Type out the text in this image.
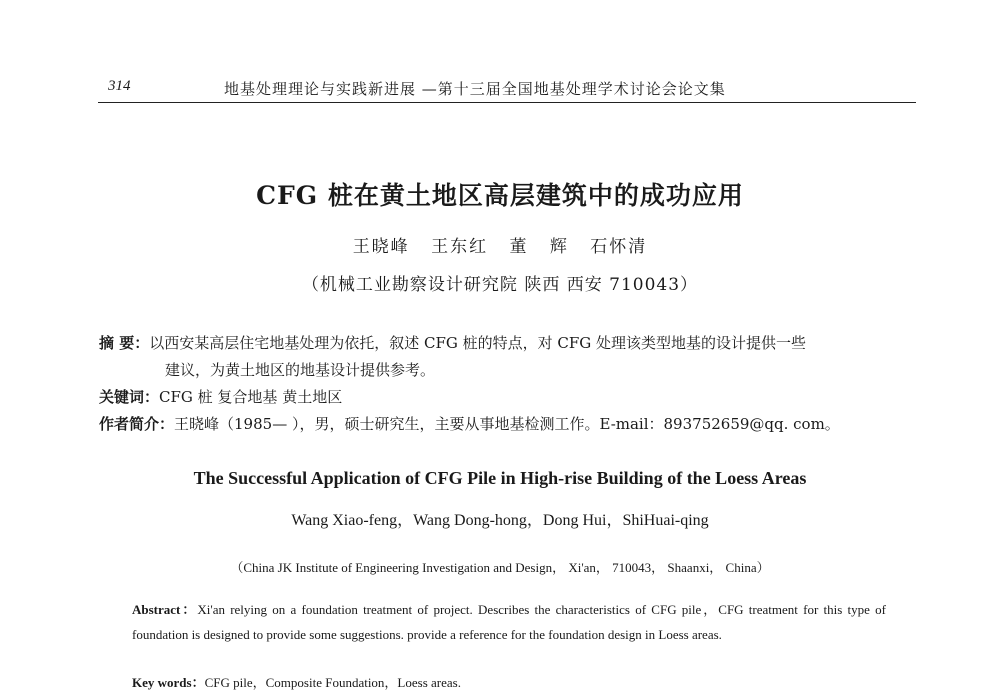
314	地基处理理论与实践新进展 —第十三届全国地基处理学术讨论会论文集
CFG 桩在黄土地区高层建筑中的成功应用
王晓峰 王东红 董 辉 石怀清
（机械工业勘察设计研究院 陕西 西安 710043）
摘 要：以西安某高层住宅地基处理为依托，叙述 CFG 桩的特点，对 CFG 处理该类型地基的设计提供一些
建议，为黄土地区的地基设计提供参考。
关键词：CFG 桩 复合地基 黄土地区
作者简介：王晓峰（1985— ），男，硕士研究生，主要从事地基检测工作。E-mail：893752659@qq. com。
The Successful Application of CFG Pile in High-rise Building of the Loess Areas
Wang Xiao-feng，Wang Dong-hong，Dong Hui，ShiHuai-qing
（China JK Institute of Engineering Investigation and Design， Xi'an， 710043， Shaanxi， China）
Abstract：Xi'an relying on a foundation treatment of project. Describes the characteristics of CFG pile，CFG treatment for this type of foundation is designed to provide some suggestions. provide a reference for the foundation design in Loess areas.
Key words：CFG pile，Composite Foundation，Loess areas.
